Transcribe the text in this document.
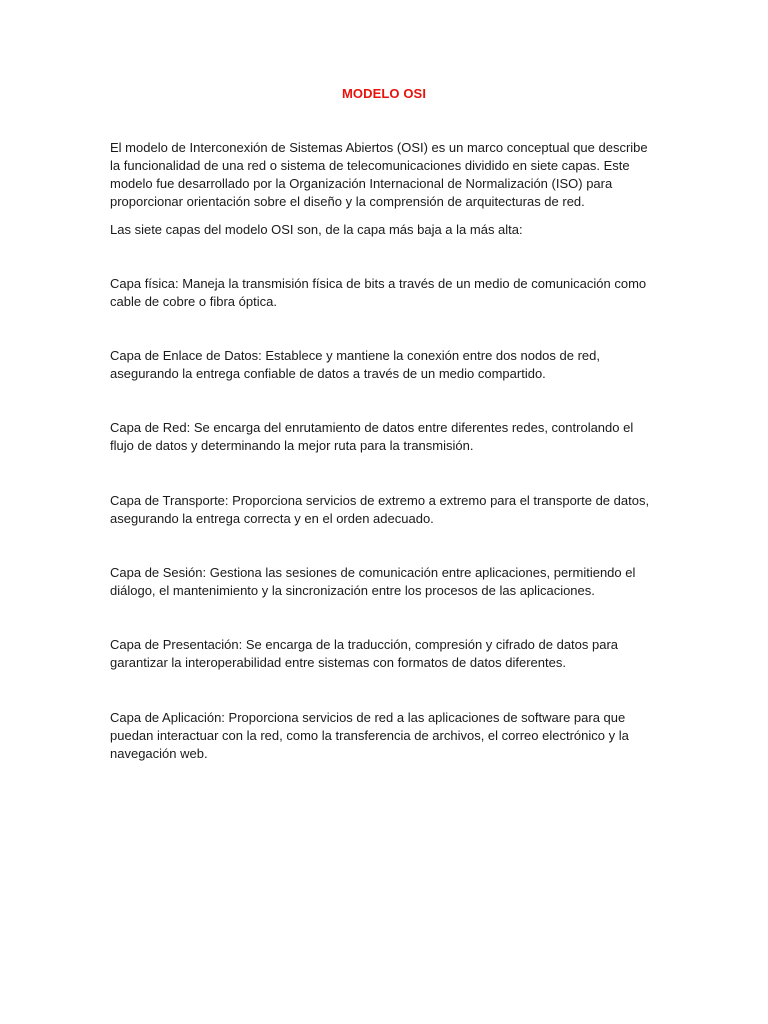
MODELO OSI

El modelo de Interconexión de Sistemas Abiertos (OSI) es un marco conceptual que describe la funcionalidad de una red o sistema de telecomunicaciones dividido en siete capas. Este modelo fue desarrollado por la Organización Internacional de Normalización (ISO) para proporcionar orientación sobre el diseño y la comprensión de arquitecturas de red.

Las siete capas del modelo OSI son, de la capa más baja a la más alta:

Capa física: Maneja la transmisión física de bits a través de un medio de comunicación como cable de cobre o fibra óptica.

Capa de Enlace de Datos: Establece y mantiene la conexión entre dos nodos de red, asegurando la entrega confiable de datos a través de un medio compartido.

Capa de Red: Se encarga del enrutamiento de datos entre diferentes redes, controlando el flujo de datos y determinando la mejor ruta para la transmisión.

Capa de Transporte: Proporciona servicios de extremo a extremo para el transporte de datos, asegurando la entrega correcta y en el orden adecuado.

Capa de Sesión: Gestiona las sesiones de comunicación entre aplicaciones, permitiendo el diálogo, el mantenimiento y la sincronización entre los procesos de las aplicaciones.

Capa de Presentación: Se encarga de la traducción, compresión y cifrado de datos para garantizar la interoperabilidad entre sistemas con formatos de datos diferentes.

Capa de Aplicación: Proporciona servicios de red a las aplicaciones de software para que puedan interactuar con la red, como la transferencia de archivos, el correo electrónico y la navegación web.
